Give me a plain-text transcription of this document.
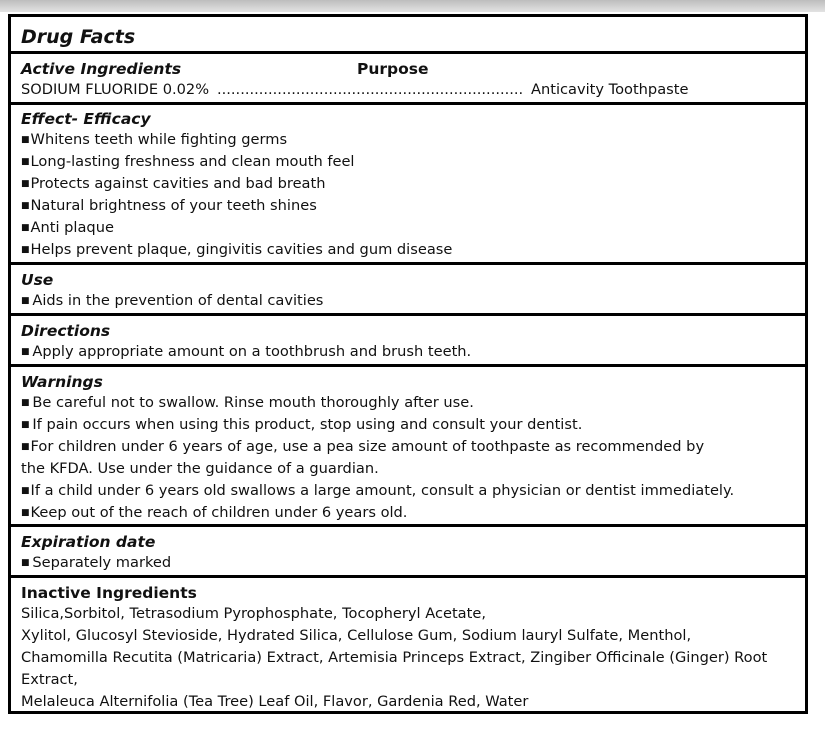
Drug Facts
Active Ingredients	Purpose
SODIUM FLUORIDE 0.02%
.....	Anticavity Toothpaste
Effect- Efficacy
■ Whitens teeth while fighting germs
■ Long-lasting freshness and clean mouth feel
■ Protects against cavities and bad breath
■ Natural brightness of your teeth shines
■ Anti plaque
■ Helps prevent plaque, gingivitis cavities and gum disease
Use
■ Aids in the prevention of dental cavities
Directions
■ Apply appropriate amount on a toothbrush and brush teeth.
Warnings
■ Be careful not to swallow. Rinse mouth thoroughly after use.
■ If pain occurs when using this product, stop using and consult your dentist.
■ For children under 6 years of age, use a pea size amount of toothpaste as recommended by
the KFDA. Use under the guidance of a guardian.
■ If a child under 6 years old swallows a large amount, consult a physician or dentist immediately.
■ Keep out of the reach of children under 6 years old.
Expiration date
■ Separately marked
Inactive Ingredients
Silica,Sorbitol, Tetrasodium Pyrophosphate, Tocopheryl Acetate,
Xylitol, Glucosyl Stevioside, Hydrated Silica, Cellulose Gum, Sodium lauryl Sulfate, Menthol,
Chamomilla Recutita (Matricaria) Extract, Artemisia Princeps Extract, Zingiber Officinale (Ginger) Root
Extract,
Melaleuca Alternifolia (Tea Tree) Leaf Oil, Flavor, Gardenia Red, Water
